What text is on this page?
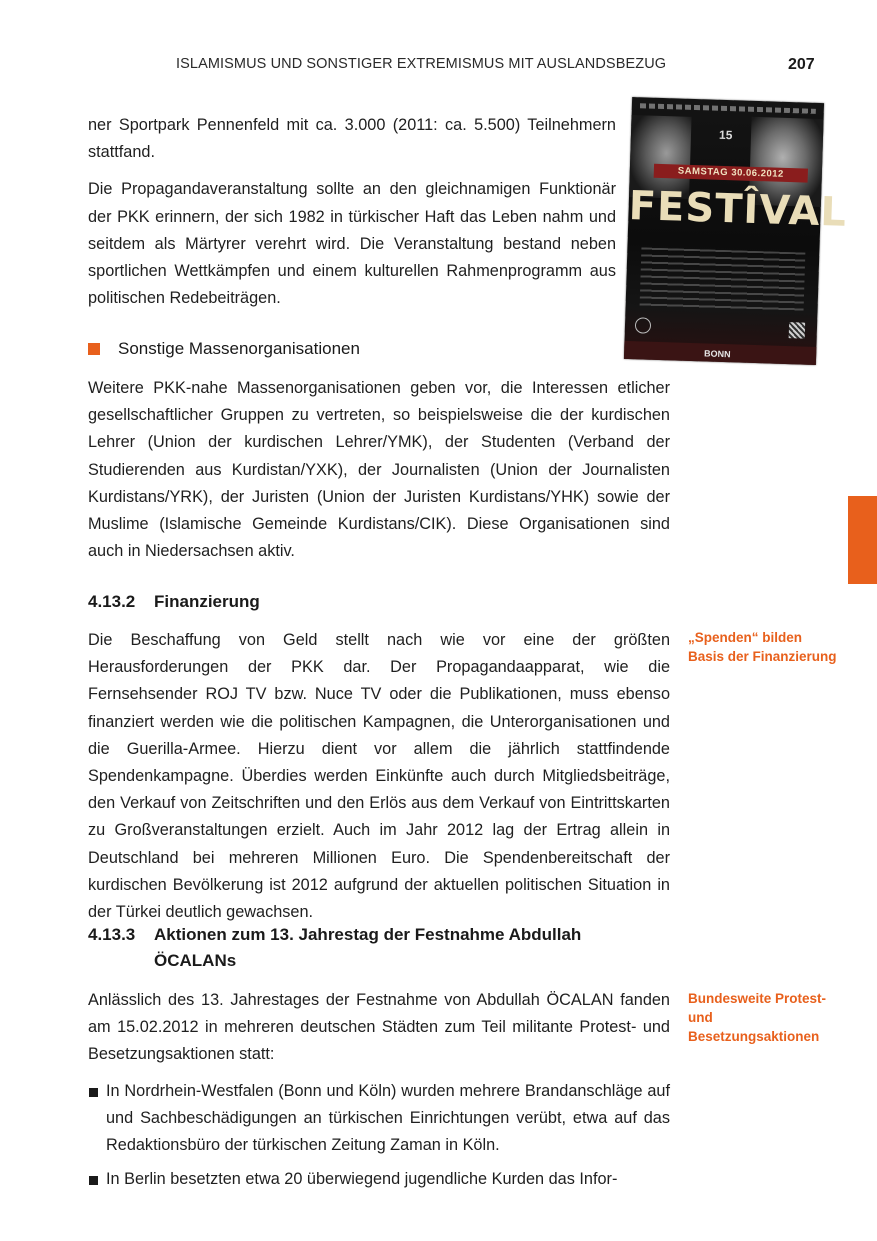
ISLAMISMUS UND SONSTIGER EXTREMISMUS MIT AUSLANDSBEZUG	207
15
SAMSTAG 30.06.2012
FESTÎVAL
BONN

ner Sportpark Pennenfeld mit ca. 3.000 (2011: ca. 5.500) Teilnehmern stattfand.

Die Propagandaveranstaltung sollte an den gleichnamigen Funktionär der PKK erinnern, der sich 1982 in türkischer Haft das Leben nahm und seitdem als Märtyrer verehrt wird. Die Veranstaltung bestand neben sportlichen Wettkämpfen und einem kulturellen Rahmenprogramm aus politischen Redebeiträgen.

Sonstige Massenorganisationen

Weitere PKK-nahe Massenorganisationen geben vor, die Interessen etlicher gesellschaftlicher Gruppen zu vertreten, so beispielsweise die der kurdischen Lehrer (Union der kurdischen Lehrer/YMK), der Studenten (Verband der Studierenden aus Kurdistan/YXK), der Journalisten (Union der Journalisten Kurdistans/YRK), der Juristen (Union der Juristen Kurdistans/YHK) sowie der Muslime (Islamische Gemeinde Kurdistans/CIK). Diese Organisationen sind auch in Niedersachsen aktiv.

4.13.2	Finanzierung
„Spenden“ bilden Basis der Finanzierung

Die Beschaffung von Geld stellt nach wie vor eine der größten Herausforderungen der PKK dar. Der Propagandaapparat, wie die Fernsehsender ROJ TV bzw. Nuce TV oder die Publikationen, muss ebenso finanziert werden wie die politischen Kampagnen, die Unterorganisationen und die Guerilla-Armee. Hierzu dient vor allem die jährlich stattfindende Spendenkampagne. Überdies werden Einkünfte auch durch Mitgliedsbeiträge, den Verkauf von Zeitschriften und den Erlös aus dem Verkauf von Eintrittskarten zu Großveranstaltungen erzielt. Auch im Jahr 2012 lag der Ertrag allein in Deutschland bei mehreren Millionen Euro. Die Spendenbereitschaft der kurdischen Bevölkerung ist 2012 aufgrund der aktuellen politischen Situation in der Türkei deutlich gewachsen.

4.13.3	Aktionen zum 13. Jahrestag der Festnahme Abdullah ÖCALANs
Bundesweite Protest- und Besetzungsaktionen

Anlässlich des 13. Jahrestages der Festnahme von Abdullah ÖCALAN fanden am 15.02.2012 in mehreren deutschen Städten zum Teil militante Protest- und Besetzungsaktionen statt:

In Nordrhein-Westfalen (Bonn und Köln) wurden mehrere Brandanschläge auf und Sachbeschädigungen an türkischen Einrichtungen verübt, etwa auf das Redaktionsbüro der türkischen Zeitung Zaman in Köln.
In Berlin besetzten etwa 20 überwiegend jugendliche Kurden das Infor-
